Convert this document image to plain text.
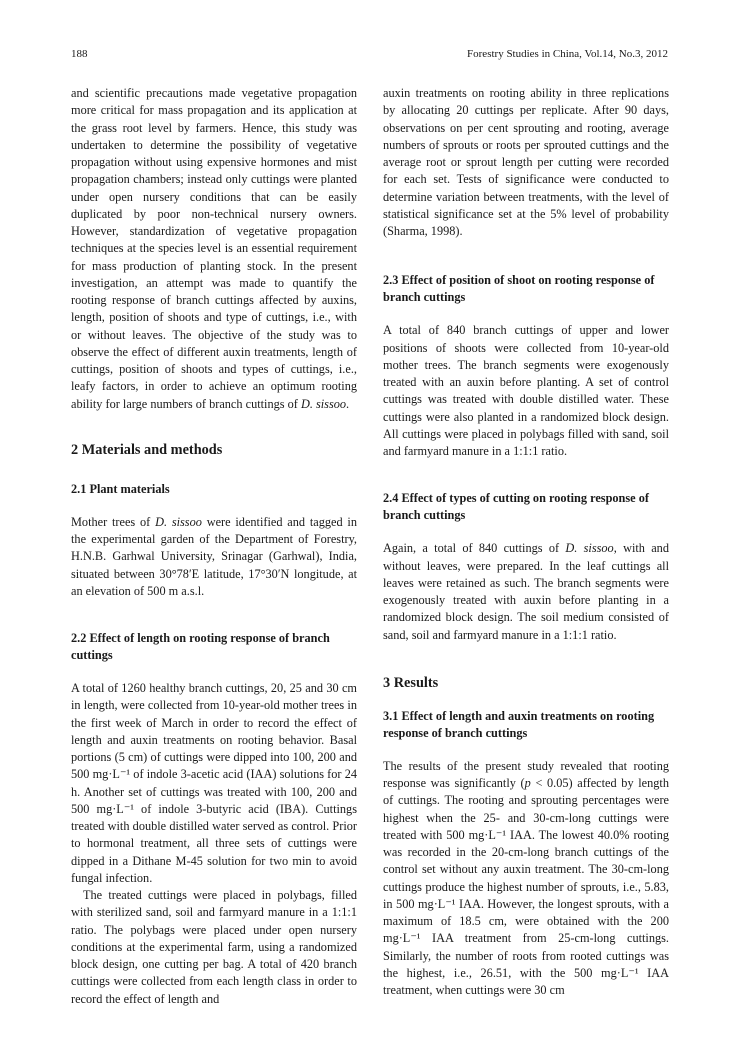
188	Forestry Studies in China, Vol.14, No.3, 2012

and scientific precautions made vegetative propagation more critical for mass propagation and its application at the grass root level by farmers. Hence, this study was undertaken to determine the possibility of vegetative propagation without using expensive hormones and mist propagation chambers; instead only cuttings were planted under open nursery conditions that can be easily duplicated by poor non-technical nursery owners. However, standardization of vegetative propagation techniques at the species level is an essential requirement for mass production of planting stock. In the present investigation, an attempt was made to quantify the rooting response of branch cuttings affected by auxins, length, position of shoots and type of cuttings, i.e., with or without leaves. The objective of the study was to observe the effect of different auxin treatments, length of cuttings, position of shoots and types of cuttings, i.e., leafy factors, in order to achieve an optimum rooting ability for large numbers of branch cuttings of D. sissoo.

2 Materials and methods
2.1 Plant materials

Mother trees of D. sissoo were identified and tagged in the experimental garden of the Department of Forestry, H.N.B. Garhwal University, Srinagar (Garhwal), India, situated between 30°78′E latitude, 17°30′N longitude, at an elevation of 500 m a.s.l.

2.2 Effect of length on rooting response of branch cuttings

A total of 1260 healthy branch cuttings, 20, 25 and 30 cm in length, were collected from 10-year-old mother trees in the first week of March in order to record the effect of length and auxin treatments on rooting behavior. Basal portions (5 cm) of cuttings were dipped into 100, 200 and 500 mg·L⁻¹ of indole 3-acetic acid (IAA) solutions for 24 h. Another set of cuttings was treated with 100, 200 and 500 mg·L⁻¹ of indole 3-butyric acid (IBA). Cuttings treated with double distilled water served as control. Prior to hormonal treatment, all three sets of cuttings were dipped in a Dithane M-45 solution for two min to avoid fungal infection.

The treated cuttings were placed in polybags, filled with sterilized sand, soil and farmyard manure in a 1:1:1 ratio. The polybags were placed under open nursery conditions at the experimental farm, using a randomized block design, one cutting per bag. A total of 420 branch cuttings were collected from each length class in order to record the effect of length and

auxin treatments on rooting ability in three replications by allocating 20 cuttings per replicate. After 90 days, observations on per cent sprouting and rooting, average numbers of sprouts or roots per sprouted cuttings and the average root or sprout length per cutting were recorded for each set. Tests of significance were conducted to determine variation between treatments, with the level of statistical significance set at the 5% level of probability (Sharma, 1998).

2.3 Effect of position of shoot on rooting response of branch cuttings

A total of 840 branch cuttings of upper and lower positions of shoots were collected from 10-year-old mother trees. The branch segments were exogenously treated with an auxin before planting. A set of control cuttings was treated with double distilled water. These cuttings were also planted in a randomized block design. All cuttings were placed in polybags filled with sand, soil and farmyard manure in a 1:1:1 ratio.

2.4 Effect of types of cutting on rooting response of branch cuttings

Again, a total of 840 cuttings of D. sissoo, with and without leaves, were prepared. In the leaf cuttings all leaves were retained as such. The branch segments were exogenously treated with auxin before planting in a randomized block design. The soil medium consisted of sand, soil and farmyard manure in a 1:1:1 ratio.

3 Results
3.1 Effect of length and auxin treatments on rooting response of branch cuttings

The results of the present study revealed that rooting response was significantly (p < 0.05) affected by length of cuttings. The rooting and sprouting percentages were highest when the 25- and 30-cm-long cuttings were treated with 500 mg·L⁻¹ IAA. The lowest 40.0% rooting was recorded in the 20-cm-long branch cuttings of the control set without any auxin treatment. The 30-cm-long cuttings produce the highest number of sprouts, i.e., 5.83, in 500 mg·L⁻¹ IAA. However, the longest sprouts, with a maximum of 18.5 cm, were obtained with the 200 mg·L⁻¹ IAA treatment from 25-cm-long cuttings. Similarly, the number of roots from rooted cuttings was the highest, i.e., 26.51, with the 500 mg·L⁻¹ IAA treatment, when cuttings were 30 cm
